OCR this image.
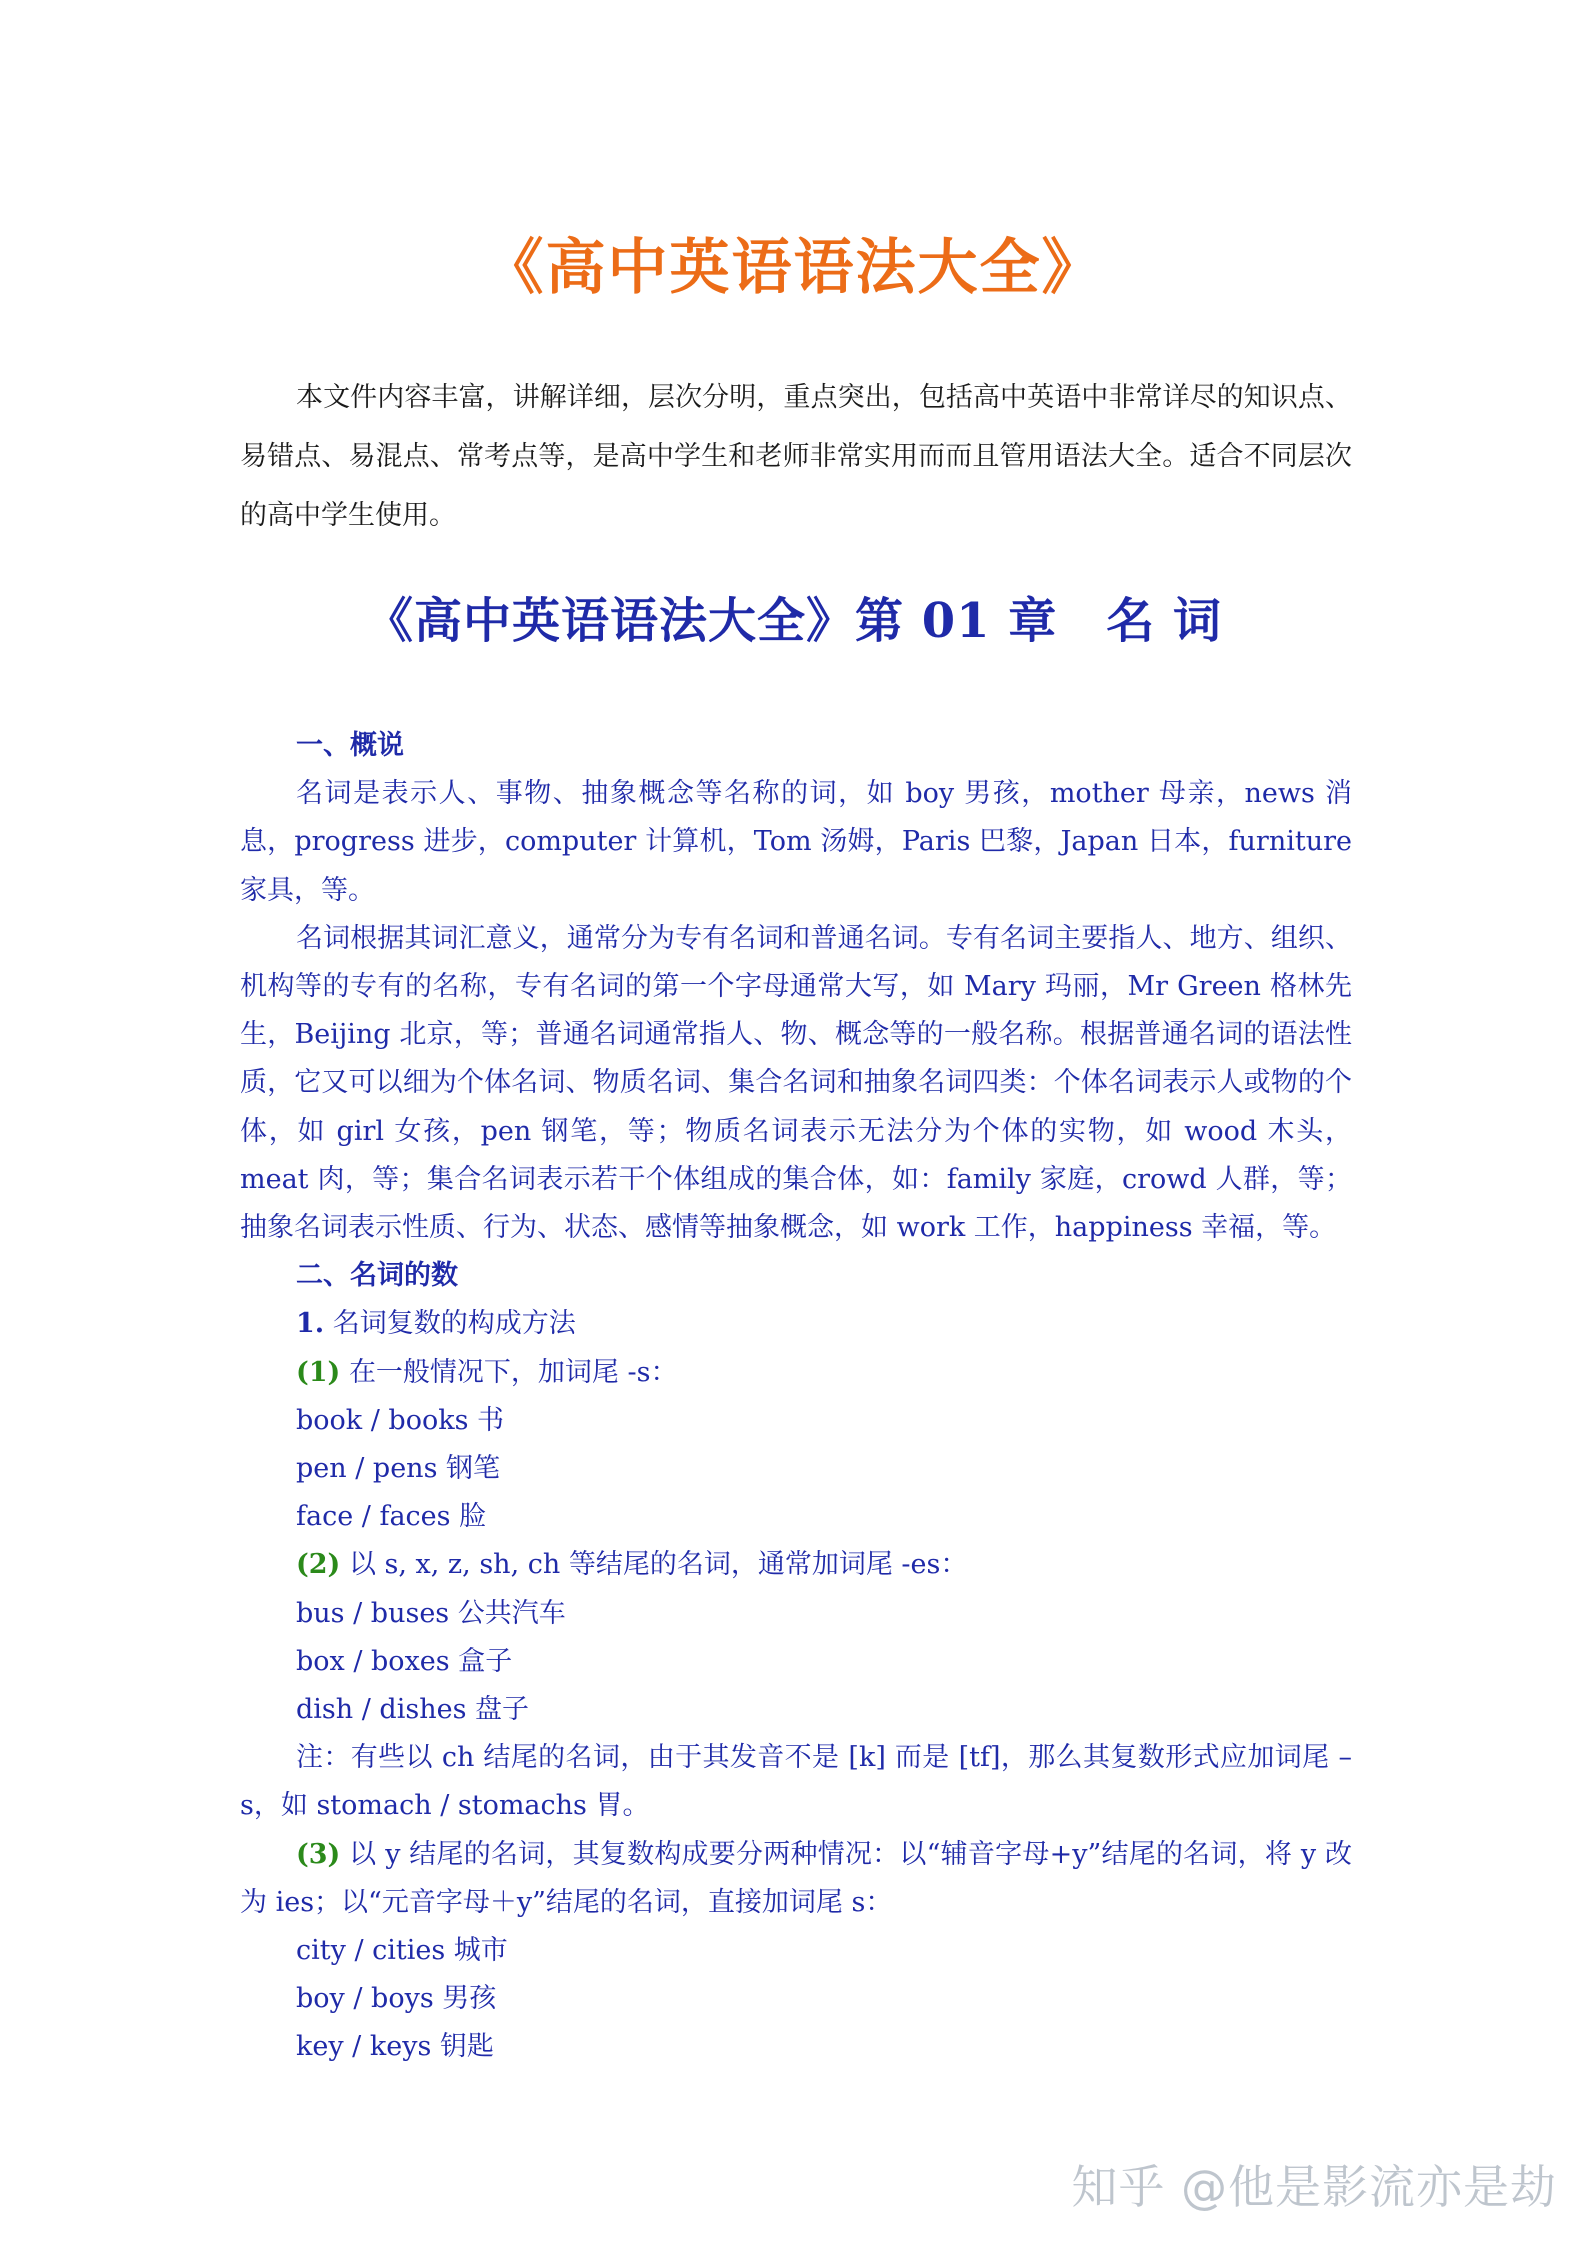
《高中英语语法大全》

本文件内容丰富，讲解详细，层次分明，重点突出，包括高中英语中非常详尽的知识点、易错点、易混点、常考点等，是高中学生和老师非常实用而而且管用语法大全。适合不同层次的高中学生使用。

《高中英语语法大全》第 01 章　名 词

一、概说

名词是表示人、事物、抽象概念等名称的词，如 boy 男孩，mother 母亲，news 消息，progress 进步，computer 计算机，Tom 汤姆，Paris 巴黎，Japan 日本，furniture 家具，等。

名词根据其词汇意义，通常分为专有名词和普通名词。专有名词主要指人、地方、组织、机构等的专有的名称，专有名词的第一个字母通常大写，如 Mary 玛丽，Mr Green 格林先生，Beijing 北京，等；普通名词通常指人、物、概念等的一般名称。根据普通名词的语法性质，它又可以细为个体名词、物质名词、集合名词和抽象名词四类：个体名词表示人或物的个体，如 girl 女孩，pen 钢笔，等；物质名词表示无法分为个体的实物，如 wood 木头，meat 肉，等；集合名词表示若干个体组成的集合体，如：family 家庭，crowd 人群，等；抽象名词表示性质、行为、状态、感情等抽象概念，如 work 工作，happiness 幸福，等。

二、名词的数

1. 名词复数的构成方法

(1) 在一般情况下，加词尾 -s：

book / books 书

pen / pens 钢笔

face / faces 脸

(2) 以 s, x, z, sh, ch 等结尾的名词，通常加词尾 -es：

bus / buses 公共汽车

box / boxes 盒子

dish / dishes 盘子

注：有些以 ch 结尾的名词，由于其发音不是 [k] 而是 [tf]，那么其复数形式应加词尾 –s，如 stomach / stomachs 胃。

(3) 以 y 结尾的名词，其复数构成要分两种情况：以“辅音字母+y”结尾的名词，将 y 改为 ies；以“元音字母＋y”结尾的名词，直接加词尾 s：

city / cities 城市

boy / boys 男孩

key / keys 钥匙

知乎 @他是影流亦是劫
